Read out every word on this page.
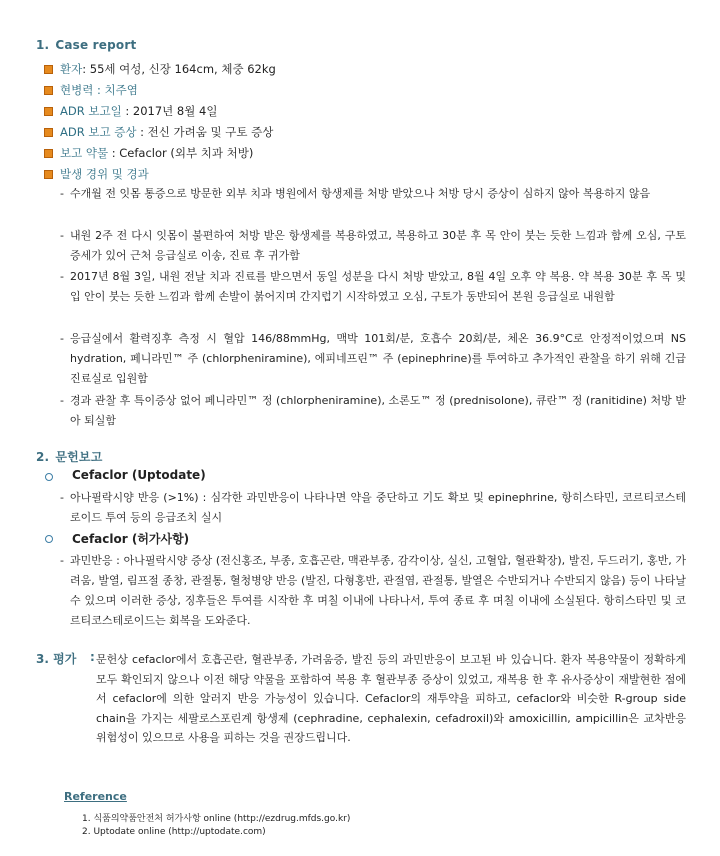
1. Case report
환자: 55세 여성, 신장 164cm, 체중 62kg
현병력 : 치주염
ADR 보고일 : 2017년 8월 4일
ADR 보고 증상 : 전신 가려움 및 구토 증상
보고 약물 : Cefaclor (외부 치과 처방)
발생 경위 및 경과
- 수개월 전 잇몸 통증으로 방문한 외부 치과 병원에서 항생제를 처방 받았으나 처방 당시 증상이 심하지 않아 복용하지 않음
- 내원 2주 전 다시 잇몸이 불편하여 처방 받은 항생제를 복용하였고, 복용하고 30분 후 목 안이 붓는 듯한 느낌과 함께 오심, 구토 증세가 있어 근처 응급실로 이송, 진료 후 귀가함
- 2017년 8월 3일, 내원 전날 치과 진료를 받으면서 동일 성분을 다시 처방 받았고, 8월 4일 오후 약 복용. 약 복용 30분 후 목 및 입 안이 붓는 듯한 느낌과 함께 손발이 붉어지며 간지럽기 시작하였고 오심, 구토가 동반되어 본원 응급실로 내원함
- 응급실에서 활력징후 측정 시 혈압 146/88mmHg, 맥박 101회/분, 호흡수 20회/분, 체온 36.9°C로 안정적이었으며 NS hydration, 페니라민™ 주 (chlorpheniramine), 에피네프린™ 주 (epinephrine)를 투여하고 추가적인 관찰을 하기 위해 긴급진료실로 입원함
- 경과 관찰 후 특이증상 없어 페니라민™ 정 (chlorpheniramine), 소론도™ 정 (prednisolone), 큐란™ 정 (ranitidine) 처방 받아 퇴실함
2. 문헌보고
Cefaclor (Uptodate)
- 아나필락시양 반응 (>1%) : 심각한 과민반응이 나타나면 약을 중단하고 기도 확보 및 epinephrine, 항히스타민, 코르티코스테로이드 투여 등의 응급조치 실시
Cefaclor (허가사항)
- 과민반응 : 아나필락시양 증상 (전신홍조, 부종, 호흡곤란, 맥관부종, 감각이상, 실신, 고혈압, 혈관확장), 발진, 두드러기, 홍반, 가려움, 발열, 림프절 종창, 관절통, 혈청병양 반응 (발진, 다형홍반, 관절염, 관절통, 발열은 수반되거나 수반되지 않음) 등이 나타날 수 있으며 이러한 증상, 징후들은 투여를 시작한 후 며칠 이내에 나타나서, 투여 종료 후 며칠 이내에 소실된다. 항히스타민 및 코르티코스테로이드는 회복을 도와준다.
3. 평가 : 문헌상 cefaclor에서 호흡곤란, 혈관부종, 가려움증, 발진 등의 과민반응이 보고된 바 있습니다. 환자 복용약물이 정확하게 모두 확인되지 않으나 이전 해당 약물을 포함하여 복용 후 혈관부종 증상이 있었고, 재복용 한 후 유사증상이 재발현한 점에서 cefaclor에 의한 알러지 반응 가능성이 있습니다. Cefaclor의 재투약을 피하고, cefaclor와 비슷한 R-group side chain을 가지는 세팔로스포린계 항생제 (cephradine, cephalexin, cefadroxil)와 amoxicillin, ampicillin은 교차반응 위험성이 있으므로 사용을 피하는 것을 권장드립니다.
Reference
1. 식품의약품안전처 허가사항 online (http://ezdrug.mfds.go.kr)
2. Uptodate online (http://uptodate.com)
